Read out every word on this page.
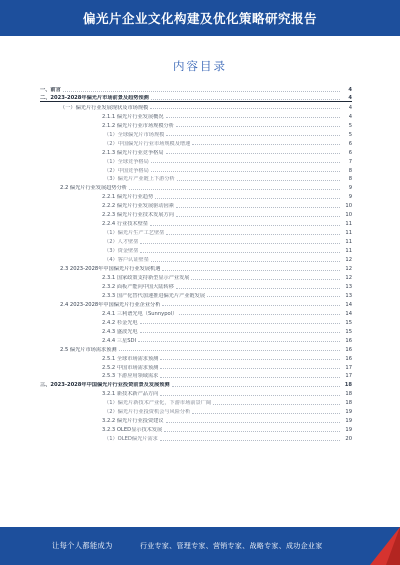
偏光片企业文化构建及优化策略研究报告
内容目录
一、前言	4
二、2023-2028年偏光片市场前景及趋势预测	4
（一）偏光片行业发展现状及市场规模	4
2.1.1 偏光片行业发展概况	4
2.1.2 偏光片行业市场规模分析	5
（1）全球偏光片市场规模	5
（2）中国偏光片行业市场规模及增速	6
2.1.3 偏光片行业竞争格局	6
（1）全球竞争格局	7
（2）中国竞争格局	8
（3）偏光片产业链上下游分析	8
2.2 偏光片行业发展趋势分析	9
2.2.1 偏光片行业趋势	9
2.2.2 偏光片行业发展驱动因素	10
2.2.3 偏光片行业技术发展方向	10
2.2.4 行业技术壁垒	11
（1）偏光片生产工艺壁垒	11
（2）人才壁垒	11
（3）资金壁垒	11
（4）客户认证壁垒	12
2.3 2023-2028年中国偏光片行业发展机遇	12
2.3.1 国家政策支持新型显示产业发展	12
2.3.2 面板产能向中国大陆转移	13
2.3.3 国产化替代加速推进偏光片产业链发展	13
2.4 2023-2028年中国偏光片行业企业分析	14
2.4.1 三利谱光电（Sunnypol）	14
2.4.2 杉金光电	15
2.4.3 盛波光电	15
2.4.4 三星SDI	16
2.5 偏光片市场需求预测	16
2.5.1 全球市场需求预测	16
2.5.2 中国市场需求预测	17
2.5.3 下游应用领域需求	17
三、2023-2028年中国偏光片行业投资前景及发展预测	18
3.2.1 新技术新产品方向	18
（1）偏光片新技术产业化，下游市场前景广阔	18
（2）偏光片行业投资机会与风险分析	19
3.2.2 偏光片行业投资建议	19
3.2.3 OLED显示技术发展	19
（1）OLED偏光片需求	20
让每个人都能成为	行业专家、管理专家、营销专家、战略专家、成功企业家
